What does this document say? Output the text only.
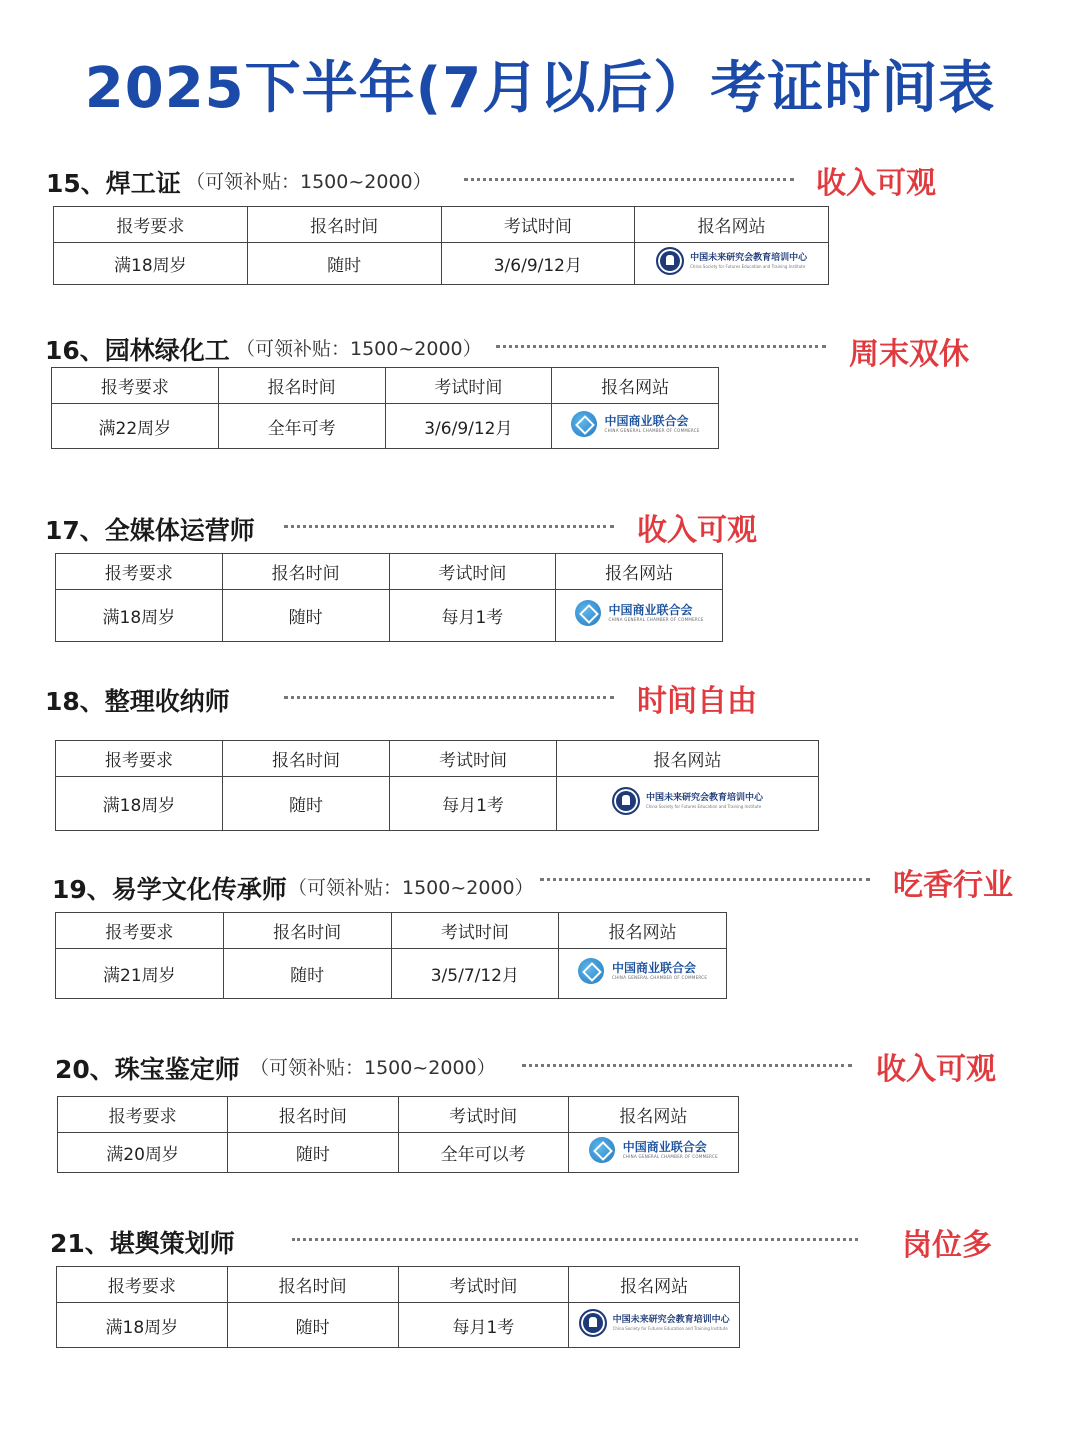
2025下半年(7月以后）考证时间表
15、焊工证 （可领补贴：1500~2000）	收入可观
报考要求	报名时间	考试时间	报名网站
满18周岁	随时	3/6/9/12月	中国未来研究会教育培训中心
China Society for Futures Education and Training Institute
16、园林绿化工 （可领补贴：1500~2000）	周末双休
报考要求	报名时间	考试时间	报名网站
满22周岁	全年可考	3/6/9/12月	中国商业联合会
CHINA GENERAL CHAMBER OF COMMERCE
17、全媒体运营师	收入可观
报考要求	报名时间	考试时间	报名网站
满18周岁	随时	每月1考	中国商业联合会
CHINA GENERAL CHAMBER OF COMMERCE
18、整理收纳师	时间自由
报考要求	报名时间	考试时间	报名网站
满18周岁	随时	每月1考	中国未来研究会教育培训中心
China Society for Futures Education and Training Institute
19、易学文化传承师 （可领补贴：1500~2000）	吃香行业
报考要求	报名时间	考试时间	报名网站
满21周岁	随时	3/5/7/12月	中国商业联合会
CHINA GENERAL CHAMBER OF COMMERCE
20、珠宝鉴定师 （可领补贴：1500~2000）	收入可观
报考要求	报名时间	考试时间	报名网站
满20周岁	随时	全年可以考	中国商业联合会
CHINA GENERAL CHAMBER OF COMMERCE
21、堪舆策划师	岗位多
报考要求	报名时间	考试时间	报名网站
满18周岁	随时	每月1考	中国未来研究会教育培训中心
China Society for Futures Education and Training Institute
